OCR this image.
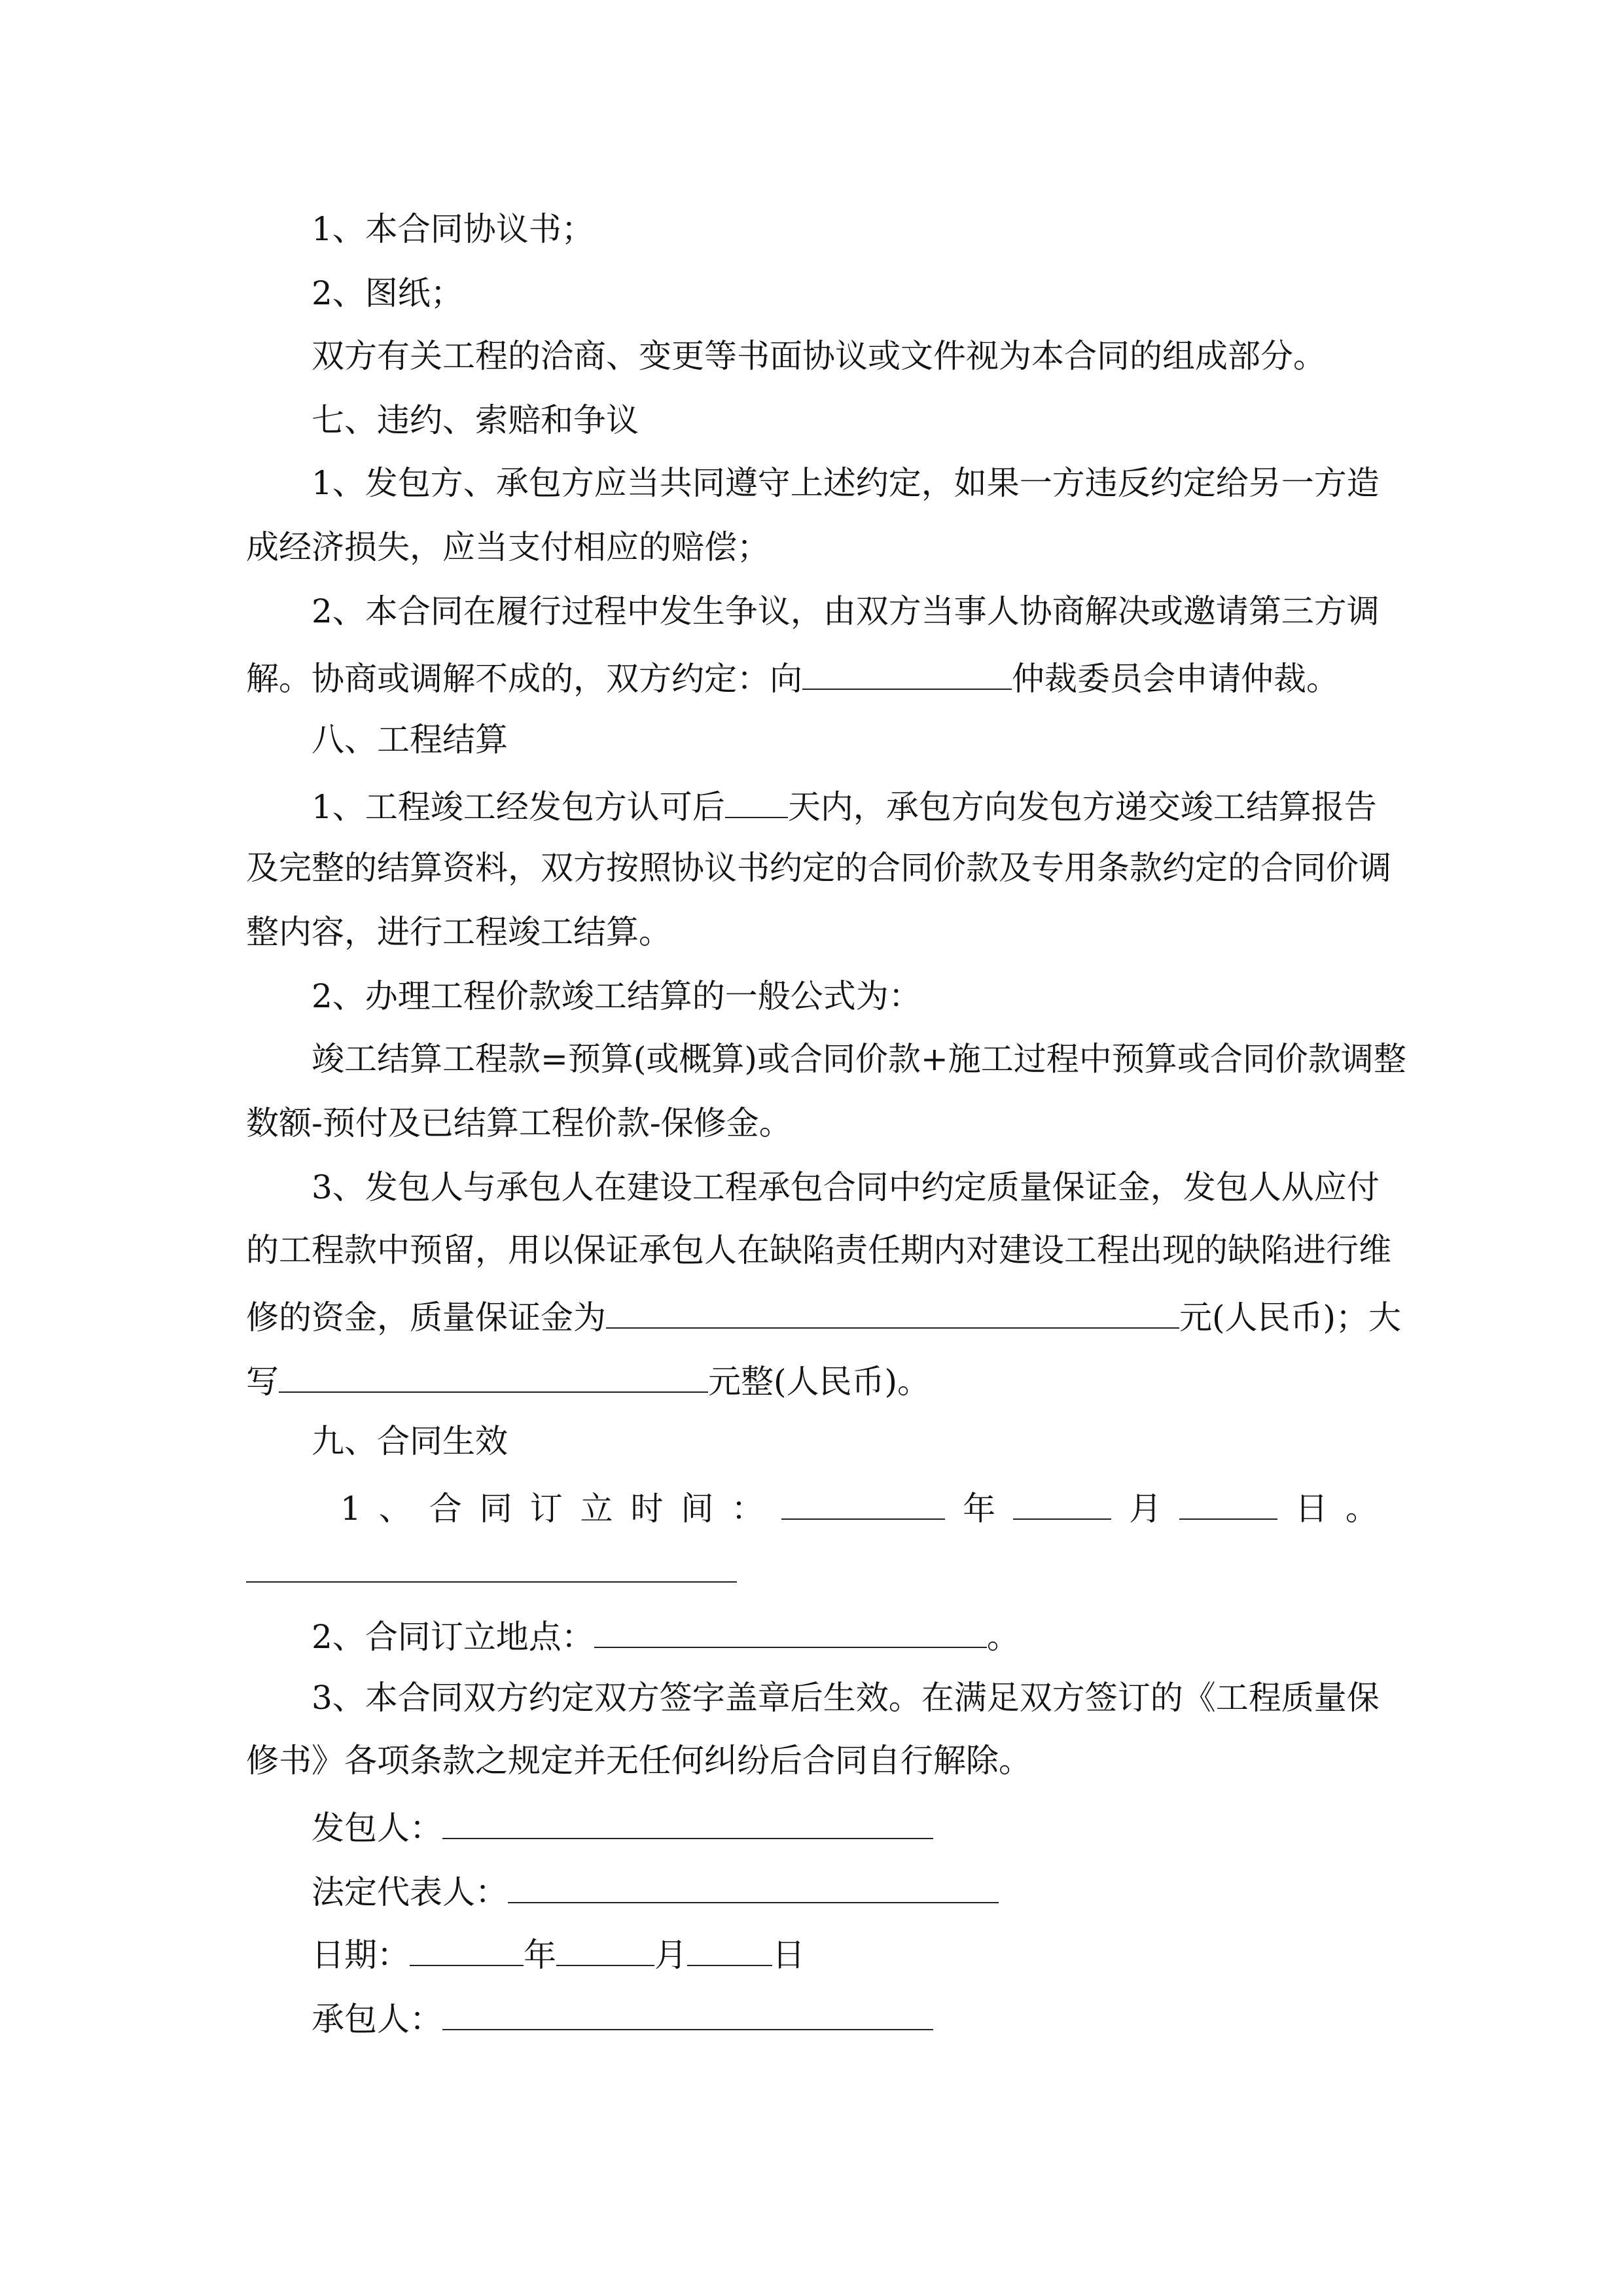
1、本合同协议书；
2、图纸；
双方有关工程的洽商、变更等书面协议或文件视为本合同的组成部分。
七、违约、索赔和争议
1、发包方、承包方应当共同遵守上述约定，如果一方违反约定给另一方造
成经济损失，应当支付相应的赔偿；
2、本合同在履行过程中发生争议，由双方当事人协商解决或邀请第三方调
解。协商或调解不成的，双方约定：向	仲裁委员会申请仲裁。
八、工程结算
1、工程竣工经发包方认可后 天内，承包方向发包方递交竣工结算报告
及完整的结算资料，双方按照协议书约定的合同价款及专用条款约定的合同价调
整内容，进行工程竣工结算。
2、办理工程价款竣工结算的一般公式为：
竣工结算工程款=预算(或概算)或合同价款+施工过程中预算或合同价款调整
数额-预付及已结算工程价款-保修金。
3、发包人与承包人在建设工程承包合同中约定质量保证金，发包人从应付
的工程款中预留，用以保证承包人在缺陷责任期内对建设工程出现的缺陷进行维
修的资金，质量保证金为	元(人民币)；大
写	元整(人民币)。
九、合同生效
1 、 合 同 订 立 时 间 ：	年	月	日 。
2、合同订立地点：	。
3、本合同双方约定双方签字盖章后生效。在满足双方签订的《工程质量保
修书》各项条款之规定并无任何纠纷后合同自行解除。
发包人：
法定代表人：
日期：	年	月	日
承包人：
